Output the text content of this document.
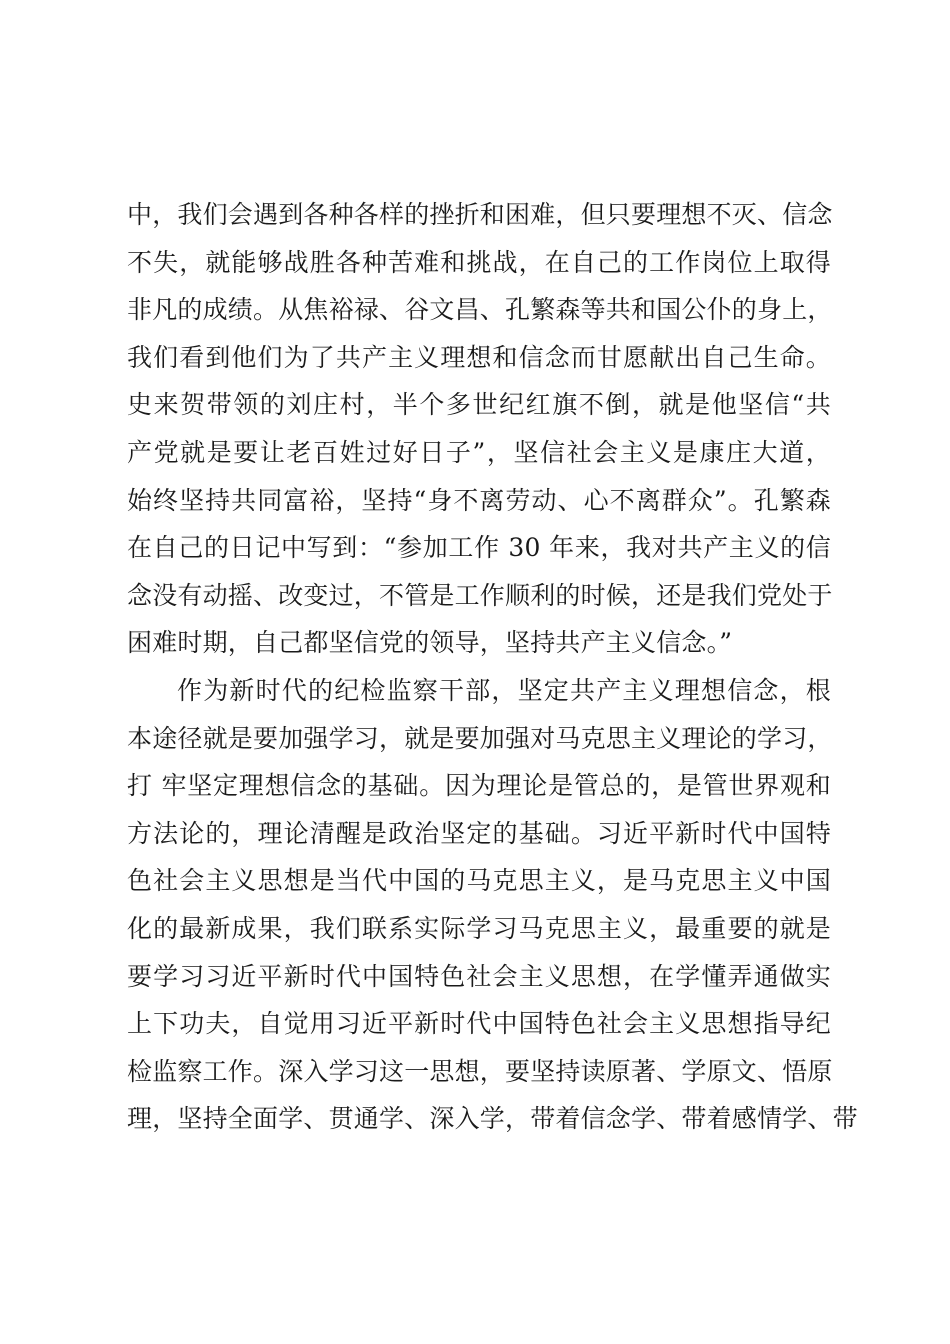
中，我们会遇到各种各样的挫折和困难，但只要理想不灭、信念
不失，就能够战胜各种苦难和挑战，在自己的工作岗位上取得
非凡的成绩。从焦裕禄、谷文昌、孔繁森等共和国公仆的身上，
我们看到他们为了共产主义理想和信念而甘愿献出自己生命。
史来贺带领的刘庄村，半个多世纪红旗不倒，就是他坚信“共
产党就是要让老百姓过好日子”，坚信社会主义是康庄大道，
始终坚持共同富裕，坚持“身不离劳动、心不离群众”。孔繁森
在自己的日记中写到：“参加工作 30 年来，我对共产主义的信
念没有动摇、改变过，不管是工作顺利的时候，还是我们党处于
困难时期，自己都坚信党的领导，坚持共产主义信念。”
作为新时代的纪检监察干部，坚定共产主义理想信念，根
本途径就是要加强学习，就是要加强对马克思主义理论的学习，
打 牢坚定理想信念的基础。因为理论是管总的，是管世界观和
方法论的，理论清醒是政治坚定的基础。习近平新时代中国特
色社会主义思想是当代中国的马克思主义，是马克思主义中国
化的最新成果，我们联系实际学习马克思主义，最重要的就是
要学习习近平新时代中国特色社会主义思想，在学懂弄通做实
上下功夫，自觉用习近平新时代中国特色社会主义思想指导纪
检监察工作。深入学习这一思想，要坚持读原著、学原文、悟原
理，坚持全面学、贯通学、深入学，带着信念学、带着感情学、带
